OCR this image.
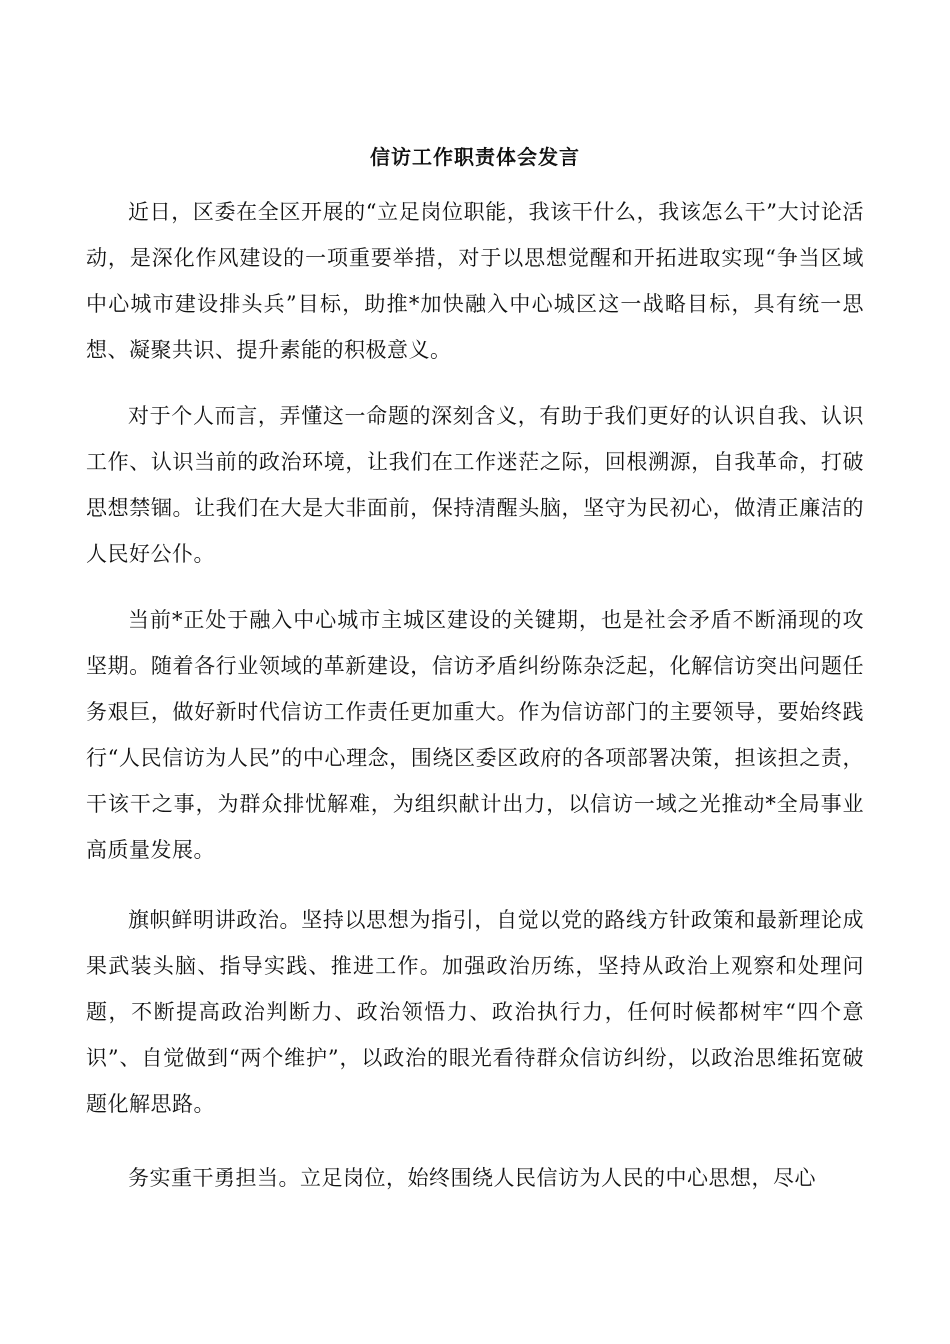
信访工作职责体会发言

近日，区委在全区开展的“立足岗位职能，我该干什么，我该怎么干”大讨论活动，是深化作风建设的一项重要举措，对于以思想觉醒和开拓进取实现“争当区域中心城市建设排头兵”目标，助推*加快融入中心城区这一战略目标，具有统一思想、凝聚共识、提升素能的积极意义。

对于个人而言，弄懂这一命题的深刻含义，有助于我们更好的认识自我、认识工作、认识当前的政治环境，让我们在工作迷茫之际，回根溯源，自我革命，打破思想禁锢。让我们在大是大非面前，保持清醒头脑，坚守为民初心，做清正廉洁的人民好公仆。

当前*正处于融入中心城市主城区建设的关键期，也是社会矛盾不断涌现的攻坚期。随着各行业领域的革新建设，信访矛盾纠纷陈杂泛起，化解信访突出问题任务艰巨，做好新时代信访工作责任更加重大。作为信访部门的主要领导，要始终践行“人民信访为人民”的中心理念，围绕区委区政府的各项部署决策，担该担之责，干该干之事，为群众排忧解难，为组织献计出力，以信访一域之光推动*全局事业高质量发展。

旗帜鲜明讲政治。坚持以思想为指引，自觉以党的路线方针政策和最新理论成果武装头脑、指导实践、推进工作。加强政治历练，坚持从政治上观察和处理问题，不断提高政治判断力、政治领悟力、政治执行力，任何时候都树牢“四个意识”、自觉做到“两个维护”，以政治的眼光看待群众信访纠纷，以政治思维拓宽破题化解思路。

务实重干勇担当。立足岗位，始终围绕人民信访为人民的中心思想，尽心
